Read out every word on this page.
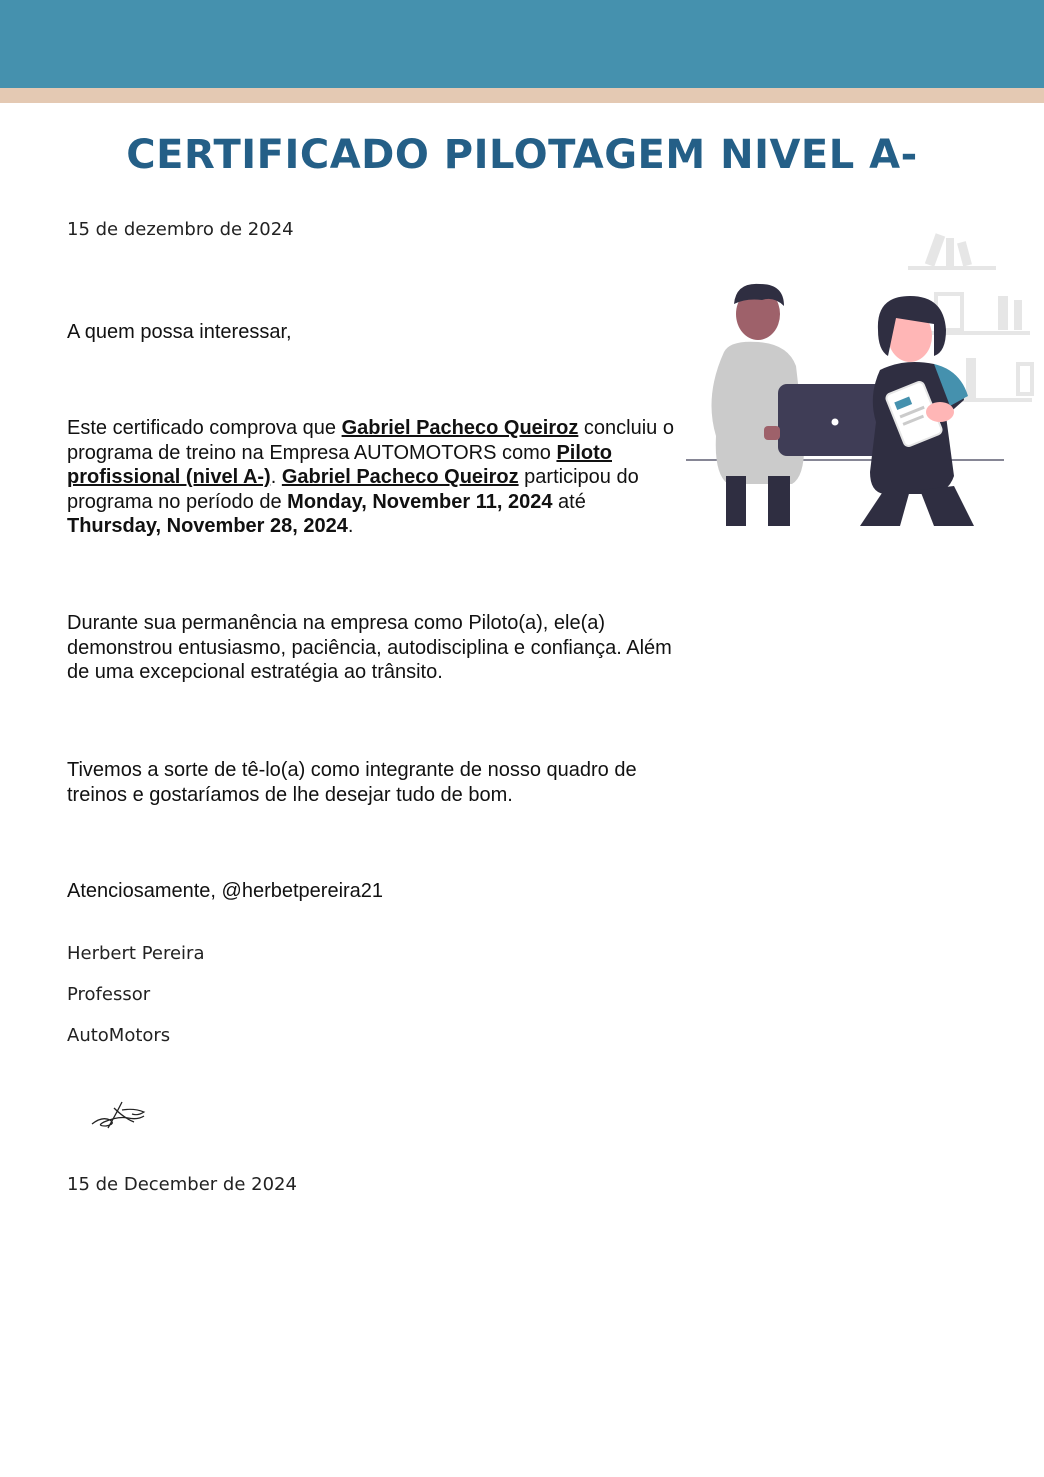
CERTIFICADO PILOTAGEM NIVEL A-
15 de dezembro de 2024

A quem possa interessar,

Este certificado comprova que Gabriel Pacheco Queiroz concluiu o programa de treino na Empresa AUTOMOTORS como Piloto profissional (nivel A-). Gabriel Pacheco Queiroz participou do programa no período de Monday, November 11, 2024 até Thursday, November 28, 2024.

Durante sua permanência na empresa como Piloto(a), ele(a) demonstrou entusiasmo, paciência, autodisciplina e confiança. Além de uma excepcional estratégia ao trânsito.

Tivemos a sorte de tê-lo(a) como integrante de nosso quadro de treinos e gostaríamos de lhe desejar tudo de bom.

Atenciosamente, @herbetpereira21

Herbert Pereira
Professor
AutoMotors
15 de December de 2024
